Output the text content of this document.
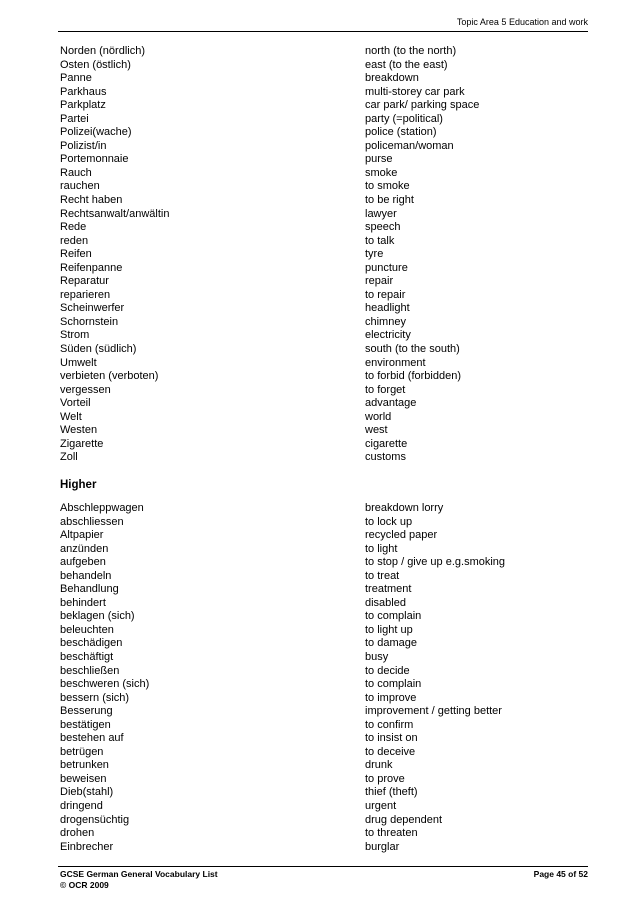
Topic Area 5 Education and work
Norden (nördlich)	north (to the north)
Osten (östlich)	east (to the east)
Panne	breakdown
Parkhaus	multi-storey car park
Parkplatz	car park/ parking space
Partei	party (=political)
Polizei(wache)	police (station)
Polizist/in	policeman/woman
Portemonnaie	purse
Rauch	smoke
rauchen	to smoke
Recht haben	to be right
Rechtsanwalt/anwältin	lawyer
Rede	speech
reden	to talk
Reifen	tyre
Reifenpanne	puncture
Reparatur	repair
reparieren	to repair
Scheinwerfer	headlight
Schornstein	chimney
Strom	electricity
Süden (südlich)	south (to the south)
Umwelt	environment
verbieten (verboten)	to forbid (forbidden)
vergessen	to forget
Vorteil	advantage
Welt	world
Westen	west
Zigarette	cigarette
Zoll	customs
Higher
Abschleppwagen	breakdown lorry
abschliessen	to lock up
Altpapier	recycled paper
anzünden	to light
aufgeben	to stop / give up e.g.smoking
behandeln	to treat
Behandlung	treatment
behindert	disabled
beklagen (sich)	to complain
beleuchten	to light up
beschädigen	to damage
beschäftigt	busy
beschließen	to decide
beschweren (sich)	to complain
bessern (sich)	to improve
Besserung	improvement / getting better
bestätigen	to confirm
bestehen auf	to insist on
betrügen	to deceive
betrunken	drunk
beweisen	to prove
Dieb(stahl)	thief (theft)
dringend	urgent
drogensüchtig	drug dependent
drohen	to threaten
Einbrecher	burglar
GCSE German General Vocabulary List
© OCR 2009
Page 45 of 52
